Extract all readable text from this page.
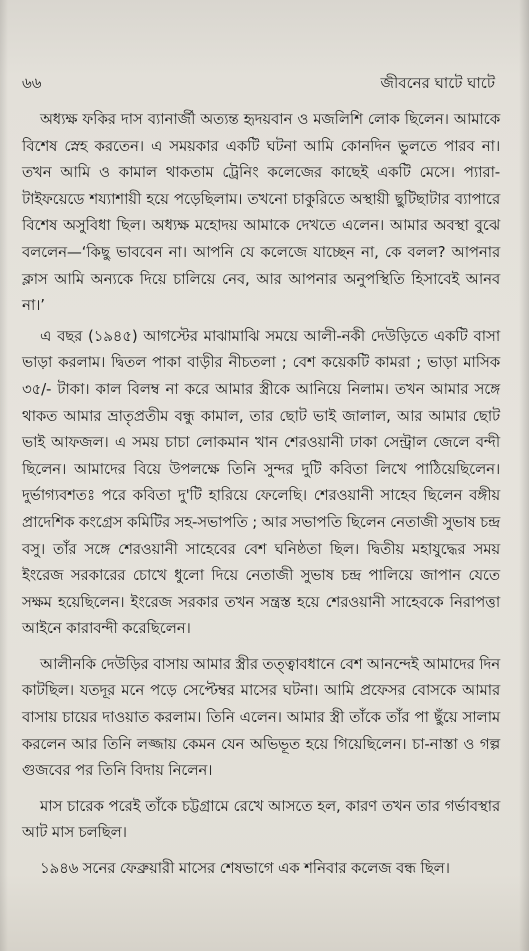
৬৬	জীবনের ঘাটে ঘাটে

অধ্যক্ষ ফকির দাস ব্যানার্জী অত্যন্ত হৃদয়বান ও মজলিশি লোক ছিলেন। আমাকে বিশেষ স্নেহ করতেন। এ সময়কার একটি ঘটনা আমি কোনদিন ভুলতে পারব না। তখন আমি ও কামাল থাকতাম ট্রেনিং কলেজের কাছেই একটি মেসে। প্যারা-টাইফয়েডে শয্যাশায়ী হয়ে পড়েছিলাম। তখনো চাকুরিতে অস্থায়ী ছুটিছাটার ব্যাপারে বিশেষ অসুবিধা ছিল। অধ্যক্ষ মহোদয় আমাকে দেখতে এলেন। আমার অবস্থা বুঝে বললেন—‘কিছু ভাববেন না। আপনি যে কলেজে যাচ্ছেন না, কে বলল? আপনার ক্লাস আমি অন্যকে দিয়ে চালিয়ে নেব, আর আপনার অনুপস্থিতি হিসাবেই আনব না।’

এ বছর (১৯৪৫) আগস্টের মাঝামাঝি সময়ে আলী-নকী দেউড়িতে একটি বাসা ভাড়া করলাম। দ্বিতল পাকা বাড়ীর নীচতলা ; বেশ কয়েকটি কামরা ; ভাড়া মাসিক ৩৫/- টাকা। কাল বিলম্ব না করে আমার স্ত্রীকে আনিয়ে নিলাম। তখন আমার সঙ্গে থাকত আমার ভ্রাতৃপ্রতীম বন্ধু কামাল, তার ছোট ভাই জালাল, আর আমার ছোট ভাই আফজল। এ সময় চাচা লোকমান খান শেরওয়ানী ঢাকা সেন্ট্রাল জেলে বন্দী ছিলেন। আমাদের বিয়ে উপলক্ষে তিনি সুন্দর দুটি কবিতা লিখে পাঠিয়েছিলেন। দুর্ভাগ্যবশতঃ পরে কবিতা দু'টি হারিয়ে ফেলেছি। শেরওয়ানী সাহেব ছিলেন বঙ্গীয় প্রাদেশিক কংগ্রেস কমিটির সহ-সভাপতি ; আর সভাপতি ছিলেন নেতাজী সুভাষ চন্দ্র বসু। তাঁর সঙ্গে শেরওয়ানী সাহেবের বেশ ঘনিষ্ঠতা ছিল। দ্বিতীয় মহাযুদ্ধের সময় ইংরেজ সরকারের চোখে ধুলো দিয়ে নেতাজী সুভাষ চন্দ্র পালিয়ে জাপান যেতে সক্ষম হয়েছিলেন। ইংরেজ সরকার তখন সন্ত্রস্ত হয়ে শেরওয়ানী সাহেবকে নিরাপত্তা আইনে কারাবন্দী করেছিলেন।

আলীনকি দেউড়ির বাসায় আমার স্ত্রীর তত্ত্বাবধানে বেশ আনন্দেই আমাদের দিন কাটছিল। যতদূর মনে পড়ে সেপ্টেম্বর মাসের ঘটনা। আমি প্রফেসর বোসকে আমার বাসায় চায়ের দাওয়াত করলাম। তিনি এলেন। আমার স্ত্রী তাঁকে তাঁর পা ছুঁয়ে সালাম করলেন আর তিনি লজ্জায় কেমন যেন অভিভূত হয়ে গিয়েছিলেন। চা-নাস্তা ও গল্প গুজবের পর তিনি বিদায় নিলেন।

মাস চারেক পরেই তাঁকে চট্টগ্রামে রেখে আসতে হল, কারণ তখন তার গর্ভাবস্থার আট মাস চলছিল।

১৯৪৬ সনের ফেব্রুয়ারী মাসের শেষভাগে এক শনিবার কলেজ বন্ধ ছিল।
